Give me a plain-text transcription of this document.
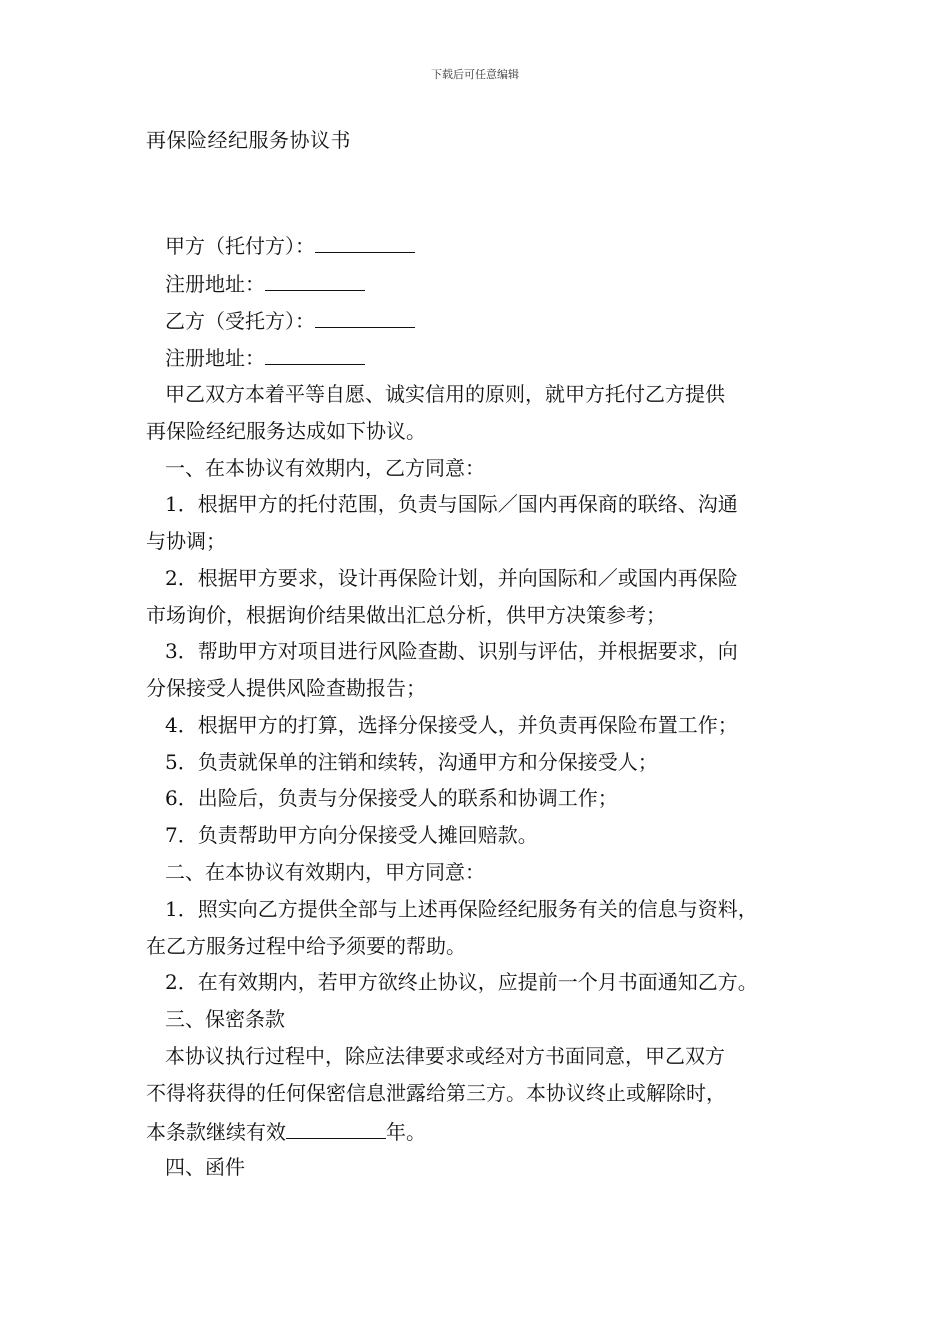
下载后可任意编辑
再保险经纪服务协议书
甲方（托付方）：
注册地址：
乙方（受托方）：
注册地址：
甲乙双方本着平等自愿、诚实信用的原则，就甲方托付乙方提供
再保险经纪服务达成如下协议。
一、在本协议有效期内，乙方同意：
1．根据甲方的托付范围，负责与国际／国内再保商的联络、沟通
与协调；
2．根据甲方要求，设计再保险计划，并向国际和／或国内再保险
市场询价，根据询价结果做出汇总分析，供甲方决策参考；
3．帮助甲方对项目进行风险查勘、识别与评估，并根据要求，向
分保接受人提供风险查勘报告；
4．根据甲方的打算，选择分保接受人，并负责再保险布置工作；
5．负责就保单的注销和续转，沟通甲方和分保接受人；
6．出险后，负责与分保接受人的联系和协调工作；
7．负责帮助甲方向分保接受人摊回赔款。
二、在本协议有效期内，甲方同意：
1．照实向乙方提供全部与上述再保险经纪服务有关的信息与资料，
在乙方服务过程中给予须要的帮助。
2．在有效期内，若甲方欲终止协议，应提前一个月书面通知乙方。
三、保密条款
本协议执行过程中，除应法律要求或经对方书面同意，甲乙双方
不得将获得的任何保密信息泄露给第三方。本协议终止或解除时，
本条款继续有效	年。
四、函件
